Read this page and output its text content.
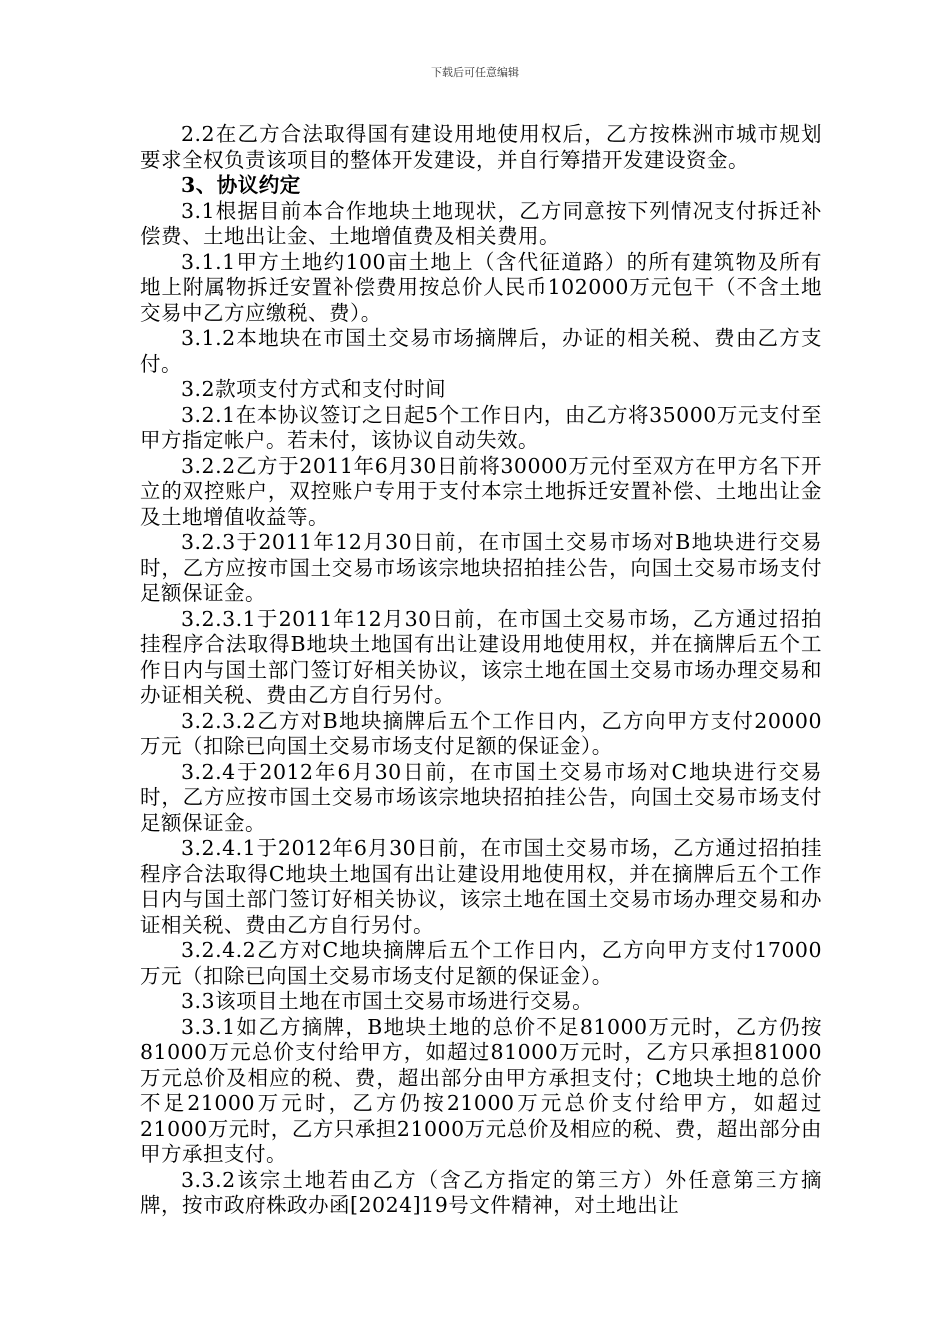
下载后可任意编辑

2.2在乙方合法取得国有建设用地使用权后，乙方按株洲市城市规划要求全权负责该项目的整体开发建设，并自行筹措开发建设资金。

3、协议约定

3.1根据目前本合作地块土地现状，乙方同意按下列情况支付拆迁补偿费、土地出让金、土地增值费及相关费用。

3.1.1甲方土地约100亩土地上（含代征道路）的所有建筑物及所有地上附属物拆迁安置补偿费用按总价人民币102000万元包干（不含土地交易中乙方应缴税、费）。

3.1.2本地块在市国土交易市场摘牌后，办证的相关税、费由乙方支付。

3.2款项支付方式和支付时间

3.2.1在本协议签订之日起5个工作日内，由乙方将35000万元支付至甲方指定帐户。若未付，该协议自动失效。

3.2.2乙方于2011年6月30日前将30000万元付至双方在甲方名下开立的双控账户，双控账户专用于支付本宗土地拆迁安置补偿、土地出让金及土地增值收益等。

3.2.3于2011年12月30日前，在市国土交易市场对B地块进行交易时，乙方应按市国土交易市场该宗地块招拍挂公告，向国土交易市场支付足额保证金。

3.2.3.1于2011年12月30日前，在市国土交易市场，乙方通过招拍挂程序合法取得B地块土地国有出让建设用地使用权，并在摘牌后五个工作日内与国土部门签订好相关协议，该宗土地在国土交易市场办理交易和办证相关税、费由乙方自行另付。

3.2.3.2乙方对B地块摘牌后五个工作日内，乙方向甲方支付20000万元（扣除已向国土交易市场支付足额的保证金）。

3.2.4于2012年6月30日前，在市国土交易市场对C地块进行交易时，乙方应按市国土交易市场该宗地块招拍挂公告，向国土交易市场支付足额保证金。

3.2.4.1于2012年6月30日前，在市国土交易市场，乙方通过招拍挂程序合法取得C地块土地国有出让建设用地使用权，并在摘牌后五个工作日内与国土部门签订好相关协议，该宗土地在国土交易市场办理交易和办证相关税、费由乙方自行另付。

3.2.4.2乙方对C地块摘牌后五个工作日内，乙方向甲方支付17000万元（扣除已向国土交易市场支付足额的保证金）。

3.3该项目土地在市国土交易市场进行交易。

3.3.1如乙方摘牌，B地块土地的总价不足81000万元时，乙方仍按81000万元总价支付给甲方，如超过81000万元时，乙方只承担81000万元总价及相应的税、费，超出部分由甲方承担支付；C地块土地的总价不足21000万元时，乙方仍按21000万元总价支付给甲方，如超过21000万元时，乙方只承担21000万元总价及相应的税、费，超出部分由甲方承担支付。

3.3.2该宗土地若由乙方（含乙方指定的第三方）外任意第三方摘牌，按市政府株政办函[2024]19号文件精神，对土地出让
